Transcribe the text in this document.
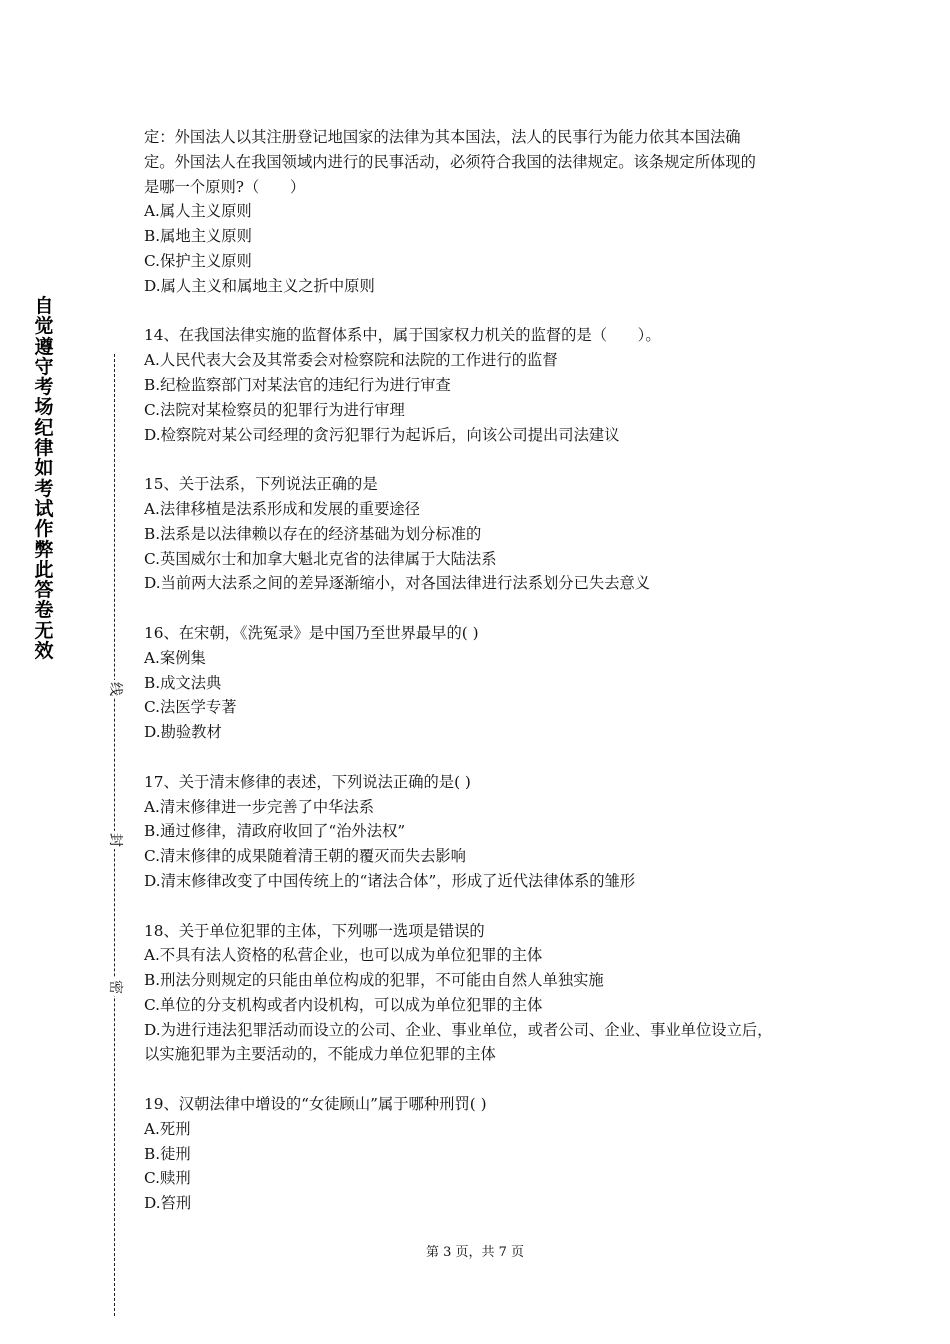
自觉遵守考场纪律如考试作弊此答卷无效
线
封
密

定：外国法人以其注册登记地国家的法律为其本国法，法人的民事行为能力依其本国法确

定。外国法人在我国领域内进行的民事活动，必须符合我国的法律规定。该条规定所体现的

是哪一个原则?（　　）

A.属人主义原则

B.属地主义原则

C.保护主义原则

D.属人主义和属地主义之折中原则

14、在我国法律实施的监督体系中，属于国家权力机关的监督的是（　　）。

A.人民代表大会及其常委会对检察院和法院的工作进行的监督

B.纪检监察部门对某法官的违纪行为进行审查

C.法院对某检察员的犯罪行为进行审理

D.检察院对某公司经理的贪污犯罪行为起诉后，向该公司提出司法建议

15、关于法系，下列说法正确的是

A.法律移植是法系形成和发展的重要途径

B.法系是以法律赖以存在的经济基础为划分标准的

C.英国威尔士和加拿大魁北克省的法律属于大陆法系

D.当前两大法系之间的差异逐渐缩小，对各国法律进行法系划分已失去意义

16、在宋朝，《洗冤录》是中国乃至世界最早的( )

A.案例集

B.成文法典

C.法医学专著

D.勘验教材

17、关于清末修律的表述，下列说法正确的是( )

A.清末修律进一步完善了中华法系

B.通过修律，清政府收回了“治外法权”

C.清末修律的成果随着清王朝的覆灭而失去影响

D.清末修律改变了中国传统上的“诸法合体”，形成了近代法律体系的雏形

18、关于单位犯罪的主体，下列哪一选项是错误的

A.不具有法人资格的私营企业，也可以成为单位犯罪的主体

B.刑法分则规定的只能由单位构成的犯罪，不可能由自然人单独实施

C.单位的分支机构或者内设机构，可以成为单位犯罪的主体

D.为进行违法犯罪活动而设立的公司、企业、事业单位，或者公司、企业、事业单位设立后，

以实施犯罪为主要活动的，不能成力单位犯罪的主体

19、汉朝法律中增设的“女徒顾山”属于哪种刑罚( )

A.死刑

B.徒刑

C.赎刑

D.笞刑

第 3 页，共 7 页
